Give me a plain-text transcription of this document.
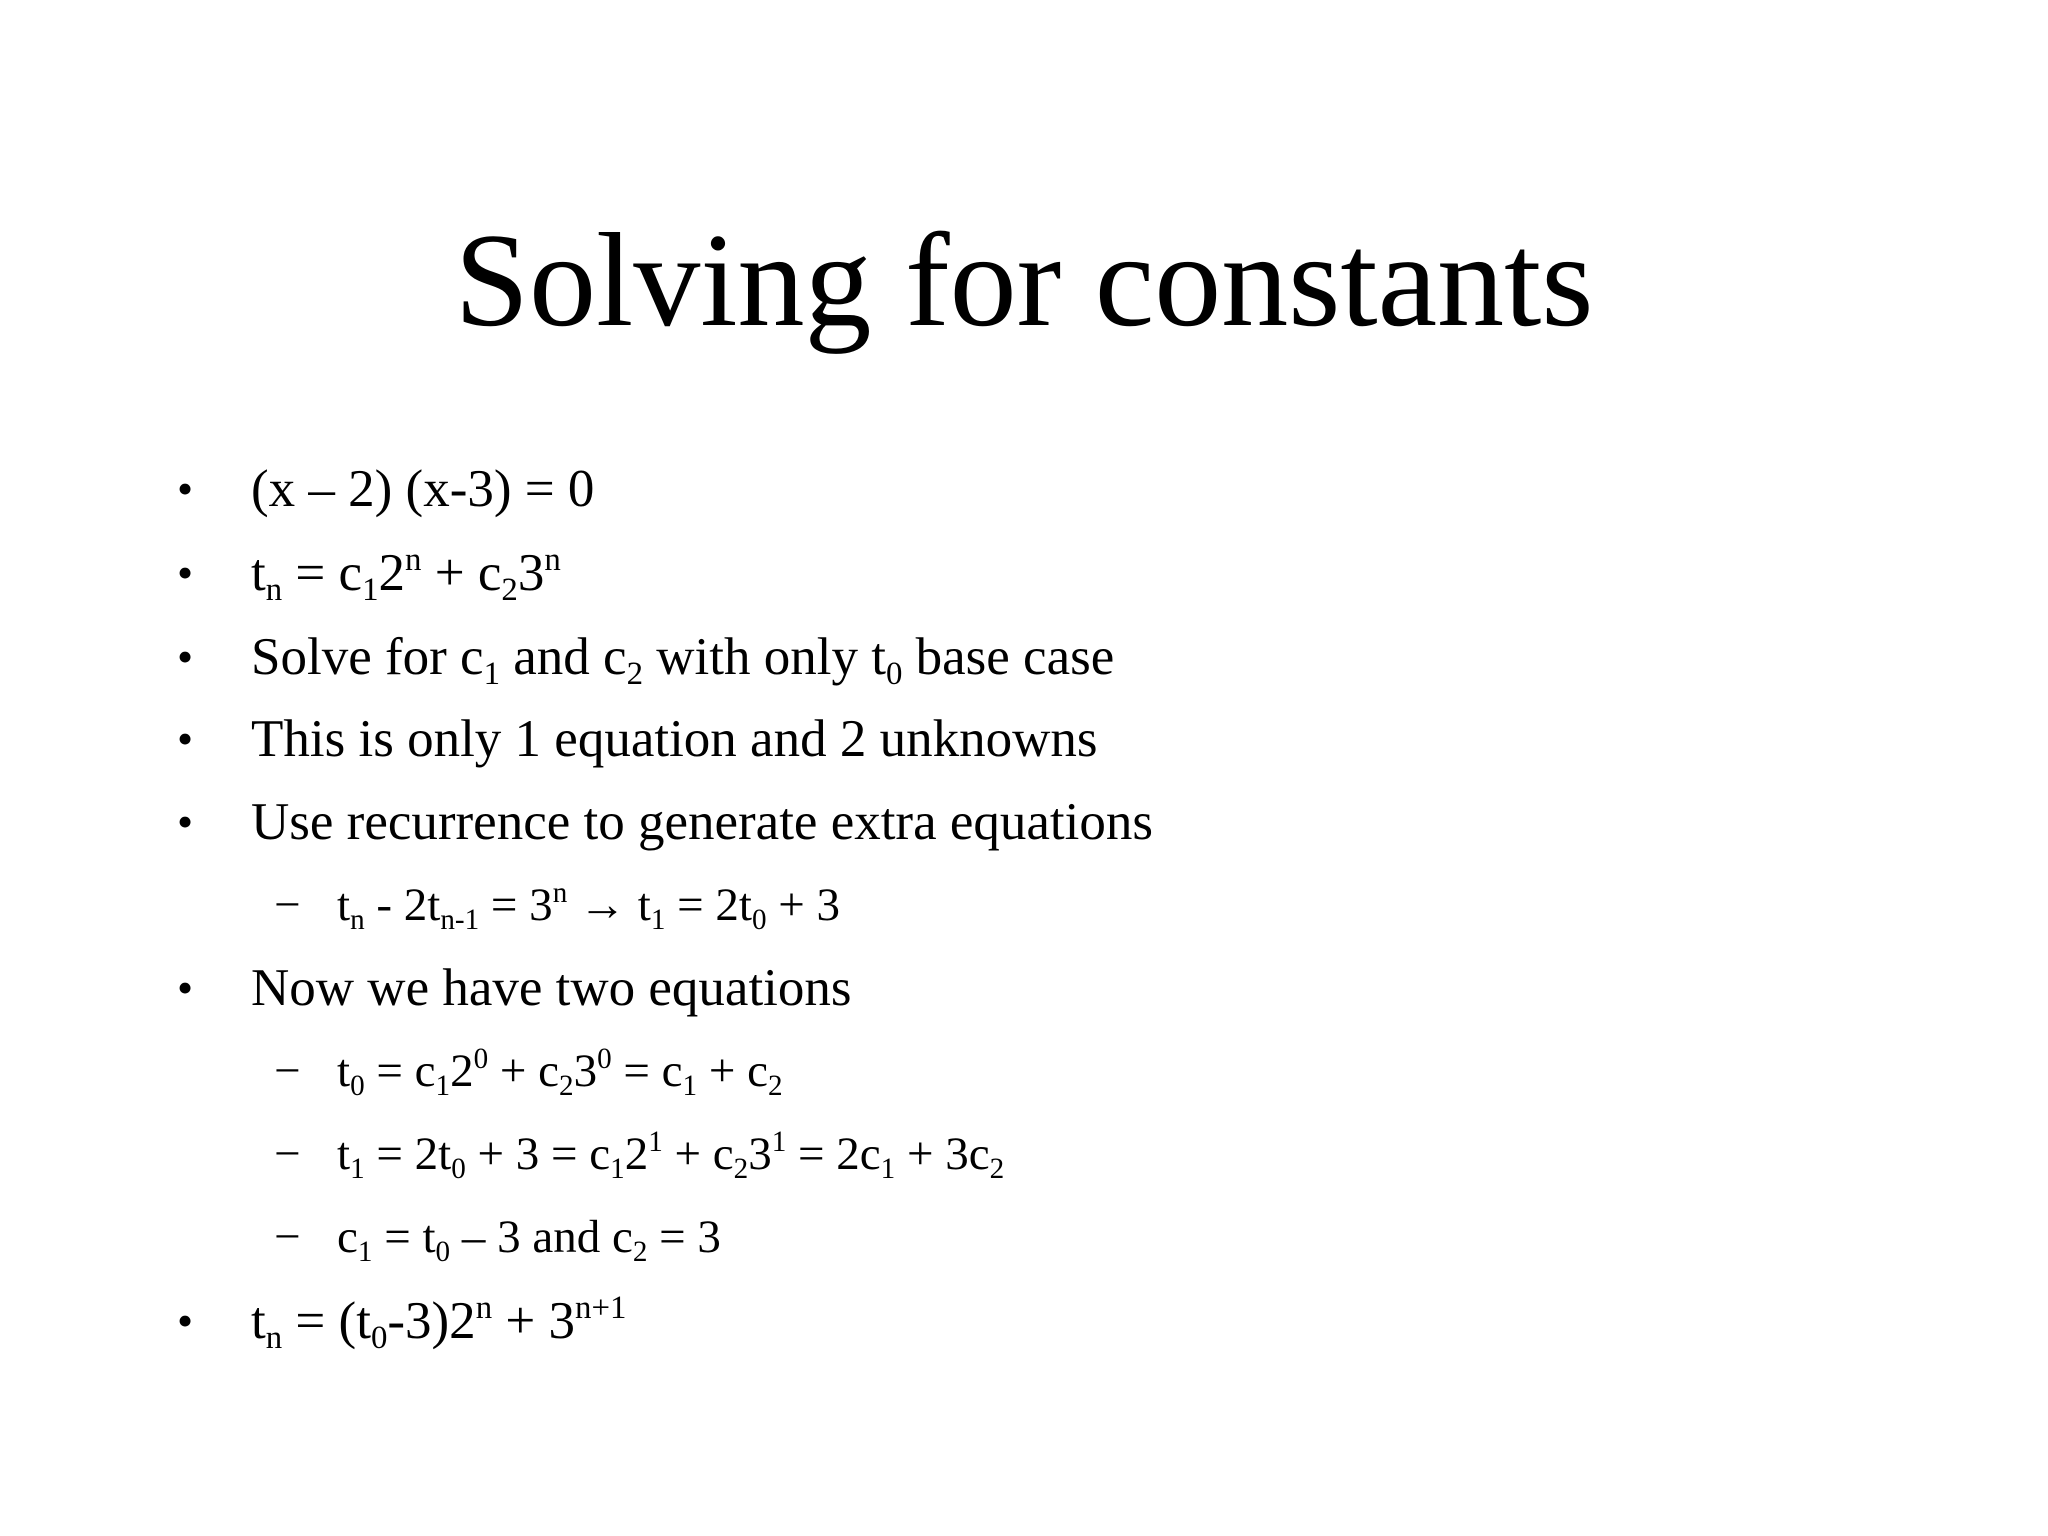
Solving for constants
• (x – 2) (x-3) = 0
• $t_n = c_12^n + c_23^n$
• Solve for $c_1$ and $c_2$ with only $t_0$ base case
• This is only 1 equation and 2 unknowns
• Use recurrence to generate extra equations
− $t_n - 2t_{n-1} = 3^n \to t_1 = 2t_0 + 3$
• Now we have two equations
− $t_0 = c_12^0 + c_23^0 = c_1 + c_2$
− $t_1 = 2t_0 + 3 = c_12^1 + c_23^1 = 2c_1 + 3c_2$
− $c_1 = t_0 - 3$ and $c_2 = 3$
• $t_n = (t_0-3)2^n + 3^{n+1}$
